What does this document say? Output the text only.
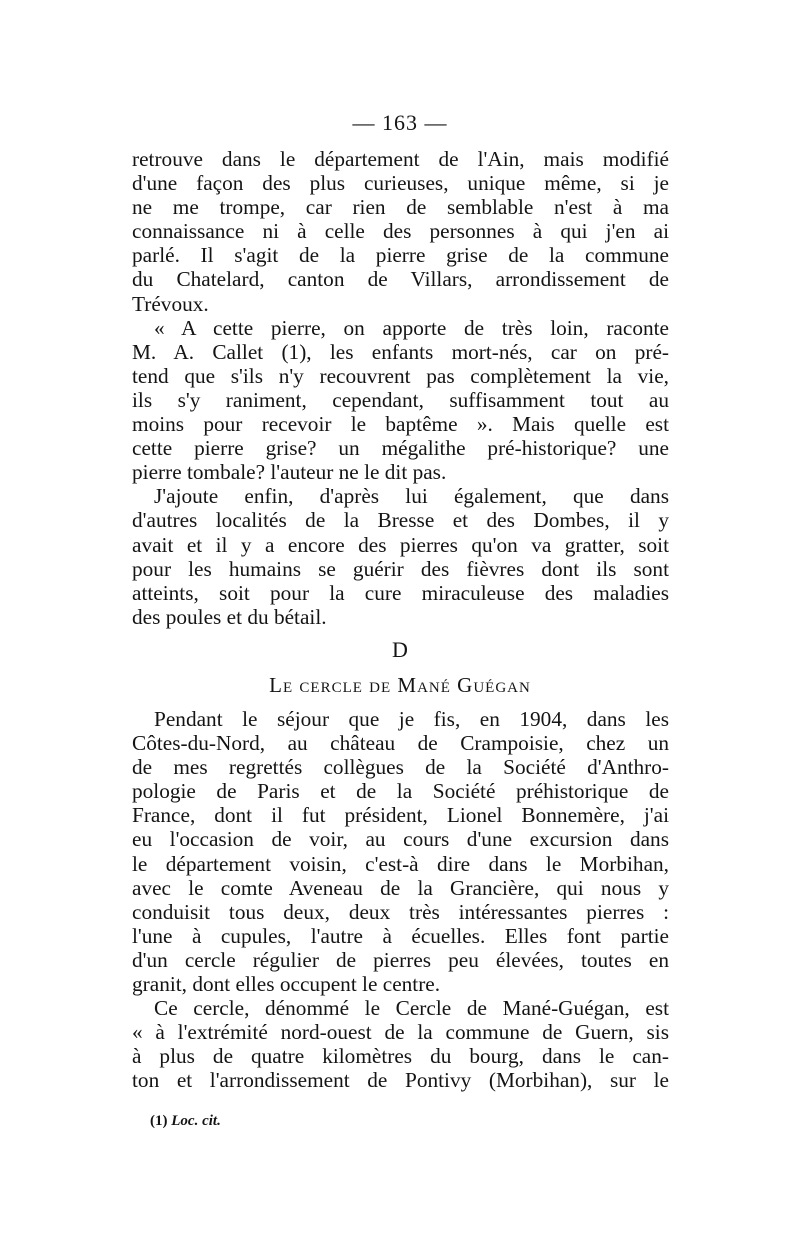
— 163 —
retrouve dans le département de l'Ain, mais modifié
d'une façon des plus curieuses, unique même, si je
ne me trompe, car rien de semblable n'est à ma
connaissance ni à celle des personnes à qui j'en ai
parlé. Il s'agit de la pierre grise de la commune
du Chatelard, canton de Villars, arrondissement de
Trévoux.
« A cette pierre, on apporte de très loin, raconte
M. A. Callet (1), les enfants mort-nés, car on pré-
tend que s'ils n'y recouvrent pas complètement la vie,
ils s'y raniment, cependant, suffisamment tout au
moins pour recevoir le baptême ». Mais quelle est
cette pierre grise? un mégalithe pré-historique? une
pierre tombale? l'auteur ne le dit pas.
J'ajoute enfin, d'après lui également, que dans
d'autres localités de la Bresse et des Dombes, il y
avait et il y a encore des pierres qu'on va gratter, soit
pour les humains se guérir des fièvres dont ils sont
atteints, soit pour la cure miraculeuse des maladies
des poules et du bétail.
D
Le cercle de Mané Guégan
Pendant le séjour que je fis, en 1904, dans les
Côtes-du-Nord, au château de Crampoisie, chez un
de mes regrettés collègues de la Société d'Anthro-
pologie de Paris et de la Société préhistorique de
France, dont il fut président, Lionel Bonnemère, j'ai
eu l'occasion de voir, au cours d'une excursion dans
le département voisin, c'est-à dire dans le Morbihan,
avec le comte Aveneau de la Grancière, qui nous y
conduisit tous deux, deux très intéressantes pierres :
l'une à cupules, l'autre à écuelles. Elles font partie
d'un cercle régulier de pierres peu élevées, toutes en
granit, dont elles occupent le centre.
Ce cercle, dénommé le Cercle de Mané-Guégan, est
« à l'extrémité nord-ouest de la commune de Guern, sis
à plus de quatre kilomètres du bourg, dans le can-
ton et l'arrondissement de Pontivy (Morbihan), sur le
(1) Loc. cit.
